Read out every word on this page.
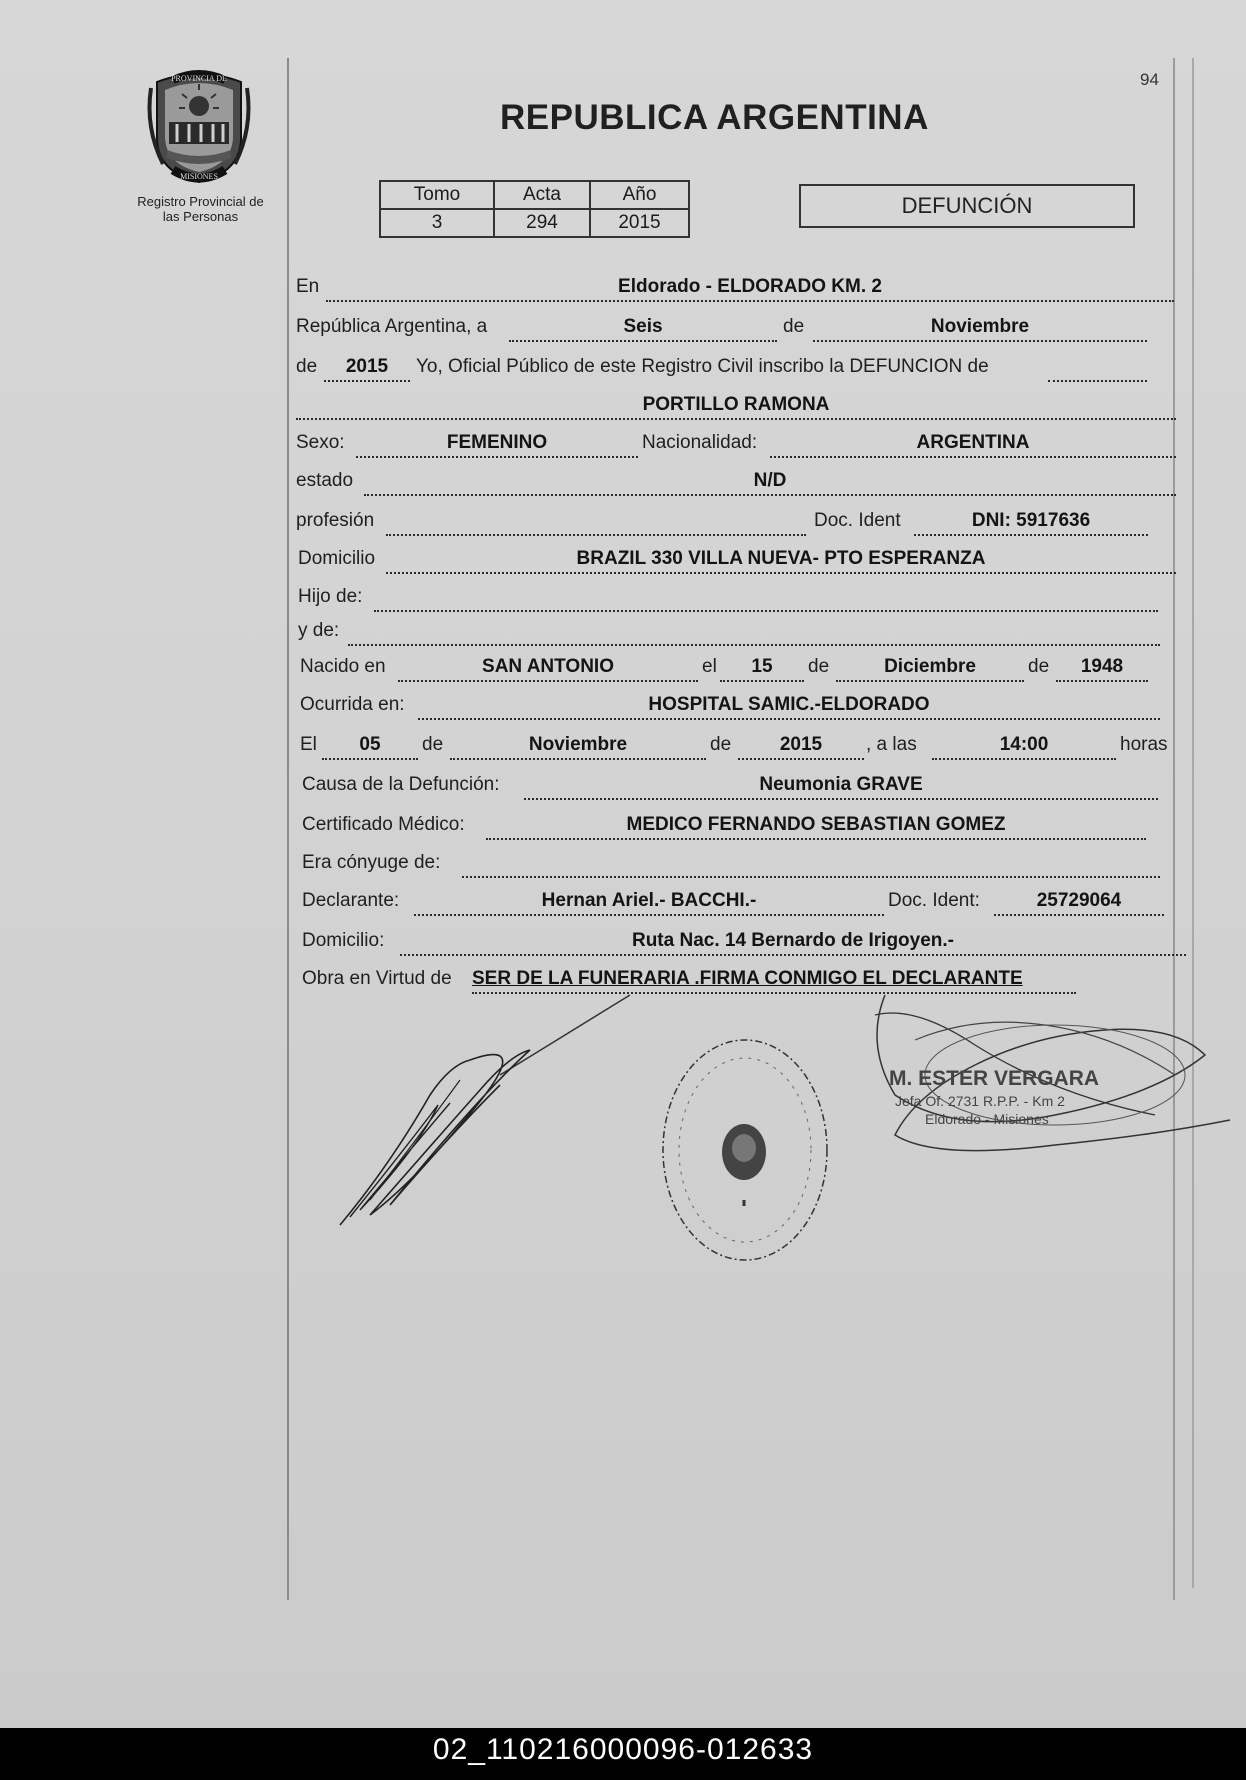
PROVINCIA DE
MISIONES
Registro Provincial de
las Personas
94
REPUBLICA ARGENTINA
Tomo	Acta	Año
3	294	2015
DEFUNCIÓN
En	Eldorado - ELDORADO KM. 2
República Argentina, a	Seis	de	Noviembre
de	2015	Yo, Oficial Público de este Registro Civil inscribo la DEFUNCION de
PORTILLO RAMONA
Sexo:	FEMENINO	Nacionalidad:	ARGENTINA
estado	N/D
profesión	Doc. Ident	DNI: 5917636
Domicilio	BRAZIL 330 VILLA NUEVA- PTO ESPERANZA
Hijo de:
y de:
Nacido en	SAN ANTONIO	el	15	de	Diciembre	de	1948
Ocurrida en:	HOSPITAL SAMIC.-ELDORADO
El	05	de	Noviembre	de	2015	, a las	14:00	horas
Causa de la Defunción:	Neumonia GRAVE
Certificado Médico:	MEDICO FERNANDO SEBASTIAN GOMEZ
Era cónyuge de:
Declarante:	Hernan Ariel.- BACCHI.-	Doc. Ident:	25729064
Domicilio:	Ruta Nac. 14 Bernardo de Irigoyen.-
Obra en Virtud de SER DE LA FUNERARIA .FIRMA CONMIGO EL DECLARANTE
M. ESTER VERGARA
Jefa Of. 2731 R.P.P. - Km 2
Eldorado - Misiones
02_110216000096-012633
